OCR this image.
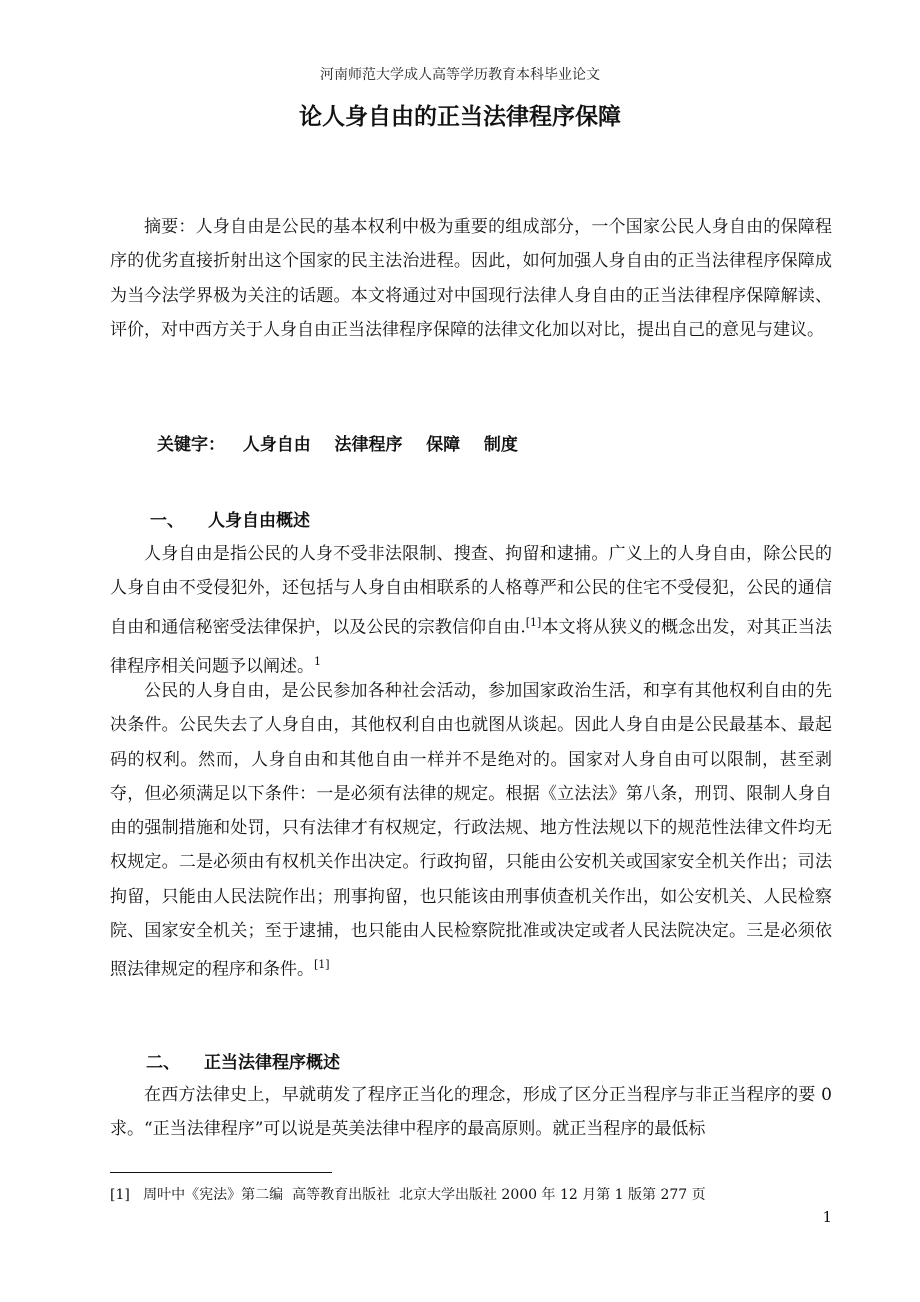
河南师范大学成人高等学历教育本科毕业论文
论人身自由的正当法律程序保障

摘要：人身自由是公民的基本权利中极为重要的组成部分，一个国家公民人身自由的保障程序的优劣直接折射出这个国家的民主法治进程。因此，如何加强人身自由的正当法律程序保障成为当今法学界极为关注的话题。本文将通过对中国现行法律人身自由的正当法律程序保障解读、评价，对中西方关于人身自由正当法律程序保障的法律文化加以对比，提出自己的意见与建议。

关键字： 人身自由 法律程序 保障 制度
一、 人身自由概述

人身自由是指公民的人身不受非法限制、搜查、拘留和逮捕。广义上的人身自由，除公民的人身自由不受侵犯外，还包括与人身自由相联系的人格尊严和公民的住宅不受侵犯，公民的通信自由和通信秘密受法律保护，以及公民的宗教信仰自由.[1]本文将从狭义的概念出发，对其正当法律程序相关问题予以阐述。$^1$

公民的人身自由，是公民参加各种社会活动，参加国家政治生活，和享有其他权利自由的先决条件。公民失去了人身自由，其他权利自由也就图从谈起。因此人身自由是公民最基本、最起码的权利。然而，人身自由和其他自由一样并不是绝对的。国家对人身自由可以限制，甚至剥夺，但必须满足以下条件：一是必须有法律的规定。根据《立法法》第八条，刑罚、限制人身自由的强制措施和处罚，只有法律才有权规定，行政法规、地方性法规以下的规范性法律文件均无权规定。二是必须由有权机关作出决定。行政拘留，只能由公安机关或国家安全机关作出；司法拘留，只能由人民法院作出；刑事拘留，也只能该由刑事侦查机关作出，如公安机关、人民检察院、国家安全机关；至于逮捕，也只能由人民检察院批准或决定或者人民法院决定。三是必须依照法律规定的程序和条件。[1]

二、 正当法律程序概述

在西方法律史上，早就萌发了程序正当化的理念，形成了区分正当程序与非正当程序的要 0 求。“正当法律程序”可以说是英美法律中程序的最高原则。就正当程序的最低标

[1]   周叶中《宪法》第二编  高等教育出版社  北京大学出版社 2000 年 12 月第 1 版第 277 页
1
